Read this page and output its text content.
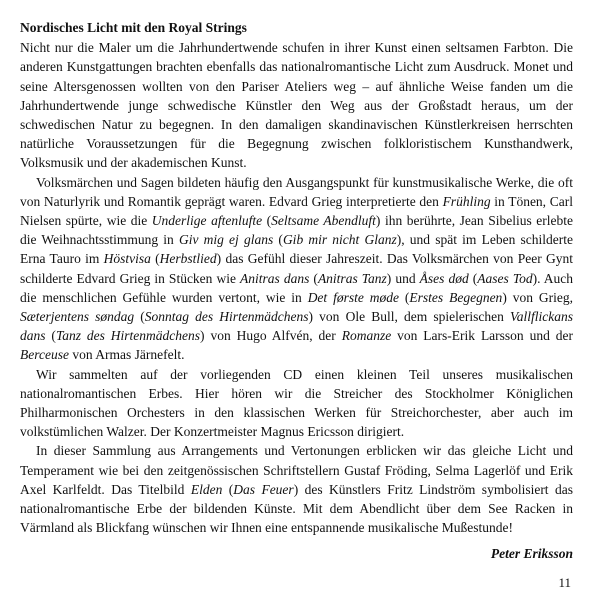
Nordisches Licht mit den Royal Strings

Nicht nur die Maler um die Jahrhundertwende schufen in ihrer Kunst einen seltsamen Farbton. Die anderen Kunstgattungen brachten ebenfalls das nationalromantische Licht zum Ausdruck. Monet und seine Altersgenossen wollten von den Pariser Ateliers weg – auf ähnliche Weise fanden um die Jahrhundertwende junge schwedische Künstler den Weg aus der Großstadt heraus, um der schwedischen Natur zu begegnen. In den damaligen skandinavischen Künstlerkreisen herrschten natürliche Voraussetzungen für die Begegnung zwischen folkloristischem Kunsthandwerk, Volksmusik und der akademischen Kunst.

Volksmärchen und Sagen bildeten häufig den Ausgangspunkt für kunstmusikalische Werke, die oft von Naturlyrik und Romantik geprägt waren. Edvard Grieg interpretierte den Frühling in Tönen, Carl Nielsen spürte, wie die Underlige aftenlufte (Seltsame Abendluft) ihn berührte, Jean Sibelius erlebte die Weihnachtsstimmung in Giv mig ej glans (Gib mir nicht Glanz), und spät im Leben schilderte Erna Tauro im Höstvisa (Herbstlied) das Gefühl dieser Jahreszeit. Das Volksmärchen von Peer Gynt schilderte Edvard Grieg in Stücken wie Anitras dans (Anitras Tanz) und Åses død (Aases Tod). Auch die menschlichen Gefühle wurden vertont, wie in Det første møde (Erstes Begegnen) von Grieg, Sæterjentens søndag (Sonntag des Hirtenmädchens) von Ole Bull, dem spielerischen Vallflickans dans (Tanz des Hirtenmädchens) von Hugo Alfvén, der Romanze von Lars-Erik Larsson und der Berceuse von Armas Järnefelt.

Wir sammelten auf der vorliegenden CD einen kleinen Teil unseres musikalischen nationalromantischen Erbes. Hier hören wir die Streicher des Stockholmer Königlichen Philharmonischen Orchesters in den klassischen Werken für Streichorchester, aber auch im volkstümlichen Walzer. Der Konzertmeister Magnus Ericsson dirigiert.

In dieser Sammlung aus Arrangements und Vertonungen erblicken wir das gleiche Licht und Temperament wie bei den zeitgenössischen Schriftstellern Gustaf Fröding, Selma Lagerlöf und Erik Axel Karlfeldt. Das Titelbild Elden (Das Feuer) des Künstlers Fritz Lindström symbolisiert das nationalromantische Erbe der bildenden Künste. Mit dem Abendlicht über dem See Racken in Värmland als Blickfang wünschen wir Ihnen eine entspannende musikalische Mußestunde!

Peter Eriksson
11
